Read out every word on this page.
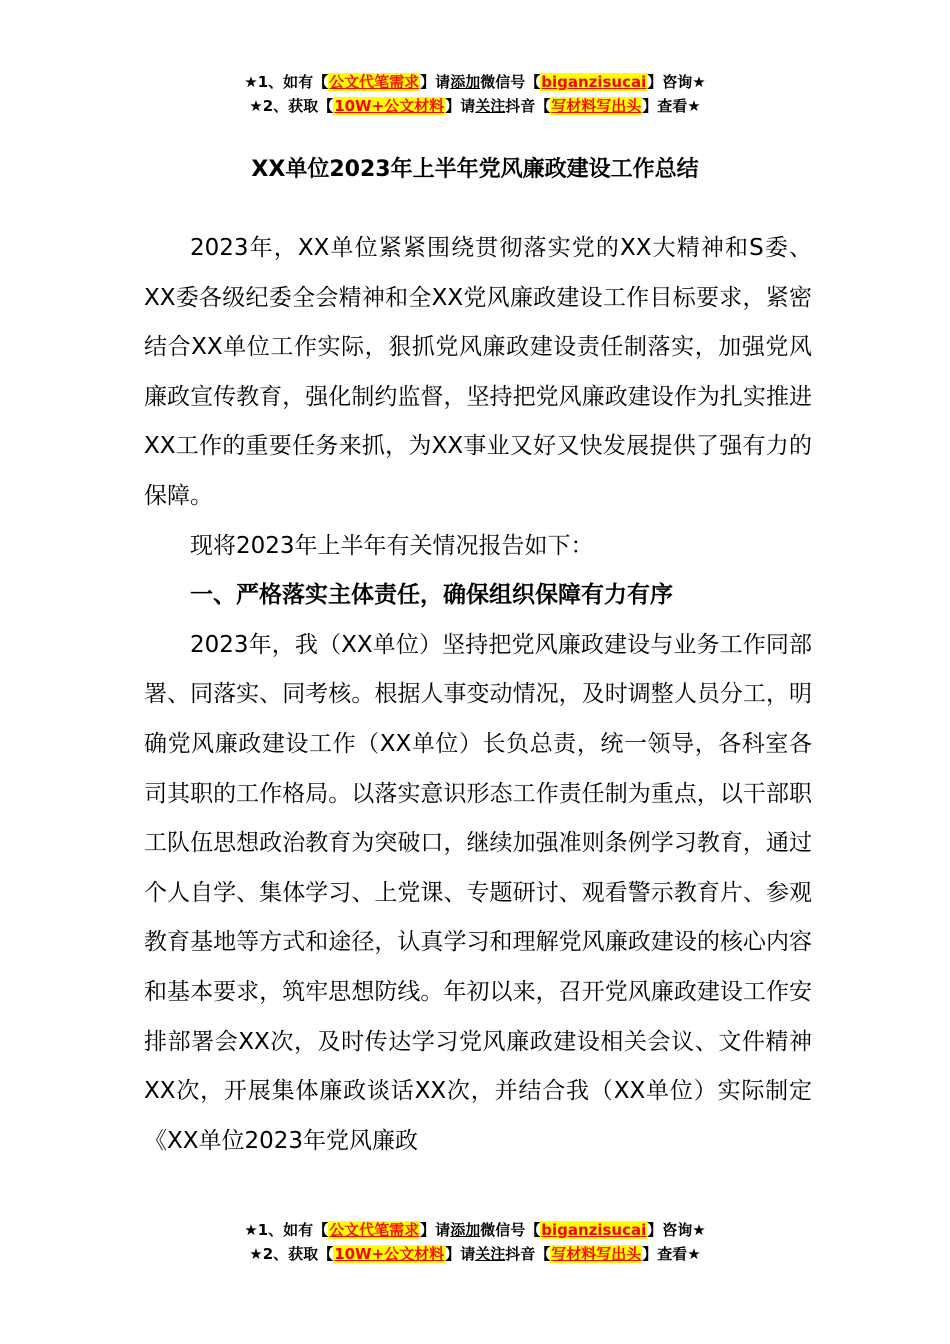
★1、如有【公文代笔需求】请添加微信号【biganzisucai】咨询★
★2、获取【10W+公文材料】请关注抖音【写材料写出头】查看★
XX单位2023年上半年党风廉政建设工作总结

2023年，XX单位紧紧围绕贯彻落实党的XX大精神和S委、XX委各级纪委全会精神和全XX党风廉政建设工作目标要求，紧密结合XX单位工作实际，狠抓党风廉政建设责任制落实，加强党风廉政宣传教育，强化制约监督，坚持把党风廉政建设作为扎实推进XX工作的重要任务来抓，为XX事业又好又快发展提供了强有力的保障。

现将2023年上半年有关情况报告如下：

一、严格落实主体责任，确保组织保障有力有序

2023年，我（XX单位）坚持把党风廉政建设与业务工作同部署、同落实、同考核。根据人事变动情况，及时调整人员分工，明确党风廉政建设工作（XX单位）长负总责，统一领导，各科室各司其职的工作格局。以落实意识形态工作责任制为重点，以干部职工队伍思想政治教育为突破口，继续加强准则条例学习教育，通过个人自学、集体学习、上党课、专题研讨、观看警示教育片、参观教育基地等方式和途径，认真学习和理解党风廉政建设的核心内容和基本要求，筑牢思想防线。年初以来，召开党风廉政建设工作安排部署会XX次，及时传达学习党风廉政建设相关会议、文件精神XX次，开展集体廉政谈话XX次，并结合我（XX单位）实际制定《XX单位2023年党风廉政

★1、如有【公文代笔需求】请添加微信号【biganzisucai】咨询★
★2、获取【10W+公文材料】请关注抖音【写材料写出头】查看★
